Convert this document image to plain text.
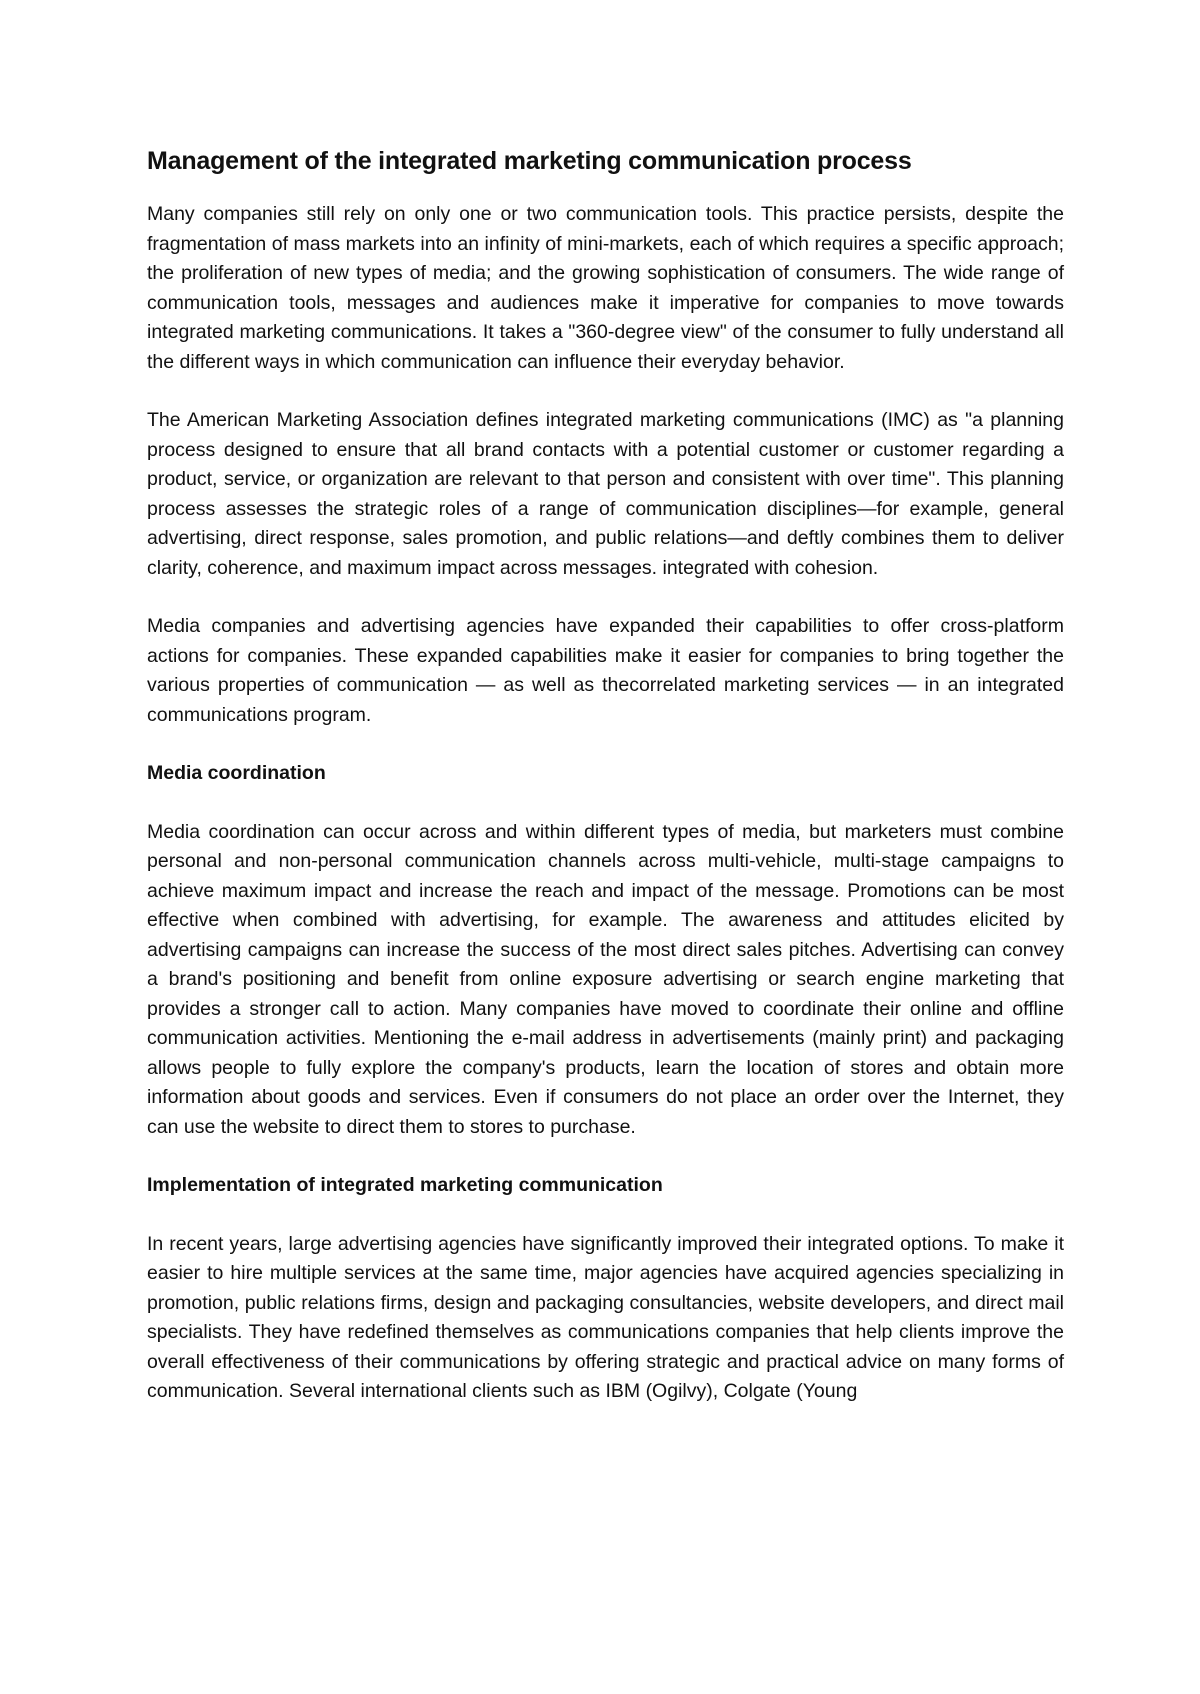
Management of the integrated marketing communication process

Many companies still rely on only one or two communication tools. This practice persists, despite the fragmentation of mass markets into an infinity of mini-markets, each of which requires a specific approach; the proliferation of new types of media; and the growing sophistication of consumers. The wide range of communication tools, messages and audiences make it imperative for companies to move towards integrated marketing communications. It takes a "360-degree view" of the consumer to fully understand all the different ways in which communication can influence their everyday behavior.

The American Marketing Association defines integrated marketing communications (IMC) as "a planning process designed to ensure that all brand contacts with a potential customer or customer regarding a product, service, or organization are relevant to that person and consistent with over time". This planning process assesses the strategic roles of a range of communication disciplines—for example, general advertising, direct response, sales promotion, and public relations—and deftly combines them to deliver clarity, coherence, and maximum impact across messages. integrated with cohesion.

Media companies and advertising agencies have expanded their capabilities to offer cross-platform actions for companies. These expanded capabilities make it easier for companies to bring together the various properties of communication — as well as thecorrelated marketing services — in an integrated communications program.

Media coordination

Media coordination can occur across and within different types of media, but marketers must combine personal and non-personal communication channels across multi-vehicle, multi-stage campaigns to achieve maximum impact and increase the reach and impact of the message. Promotions can be most effective when combined with advertising, for example. The awareness and attitudes elicited by advertising campaigns can increase the success of the most direct sales pitches. Advertising can convey a brand's positioning and benefit from online exposure advertising or search engine marketing that provides a stronger call to action. Many companies have moved to coordinate their online and offline communication activities. Mentioning the e-mail address in advertisements (mainly print) and packaging allows people to fully explore the company's products, learn the location of stores and obtain more information about goods and services. Even if consumers do not place an order over the Internet, they can use the website to direct them to stores to purchase.

Implementation of integrated marketing communication

In recent years, large advertising agencies have significantly improved their integrated options. To make it easier to hire multiple services at the same time, major agencies have acquired agencies specializing in promotion, public relations firms, design and packaging consultancies, website developers, and direct mail specialists. They have redefined themselves as communications companies that help clients improve the overall effectiveness of their communications by offering strategic and practical advice on many forms of communication. Several international clients such as IBM (Ogilvy), Colgate (Young
